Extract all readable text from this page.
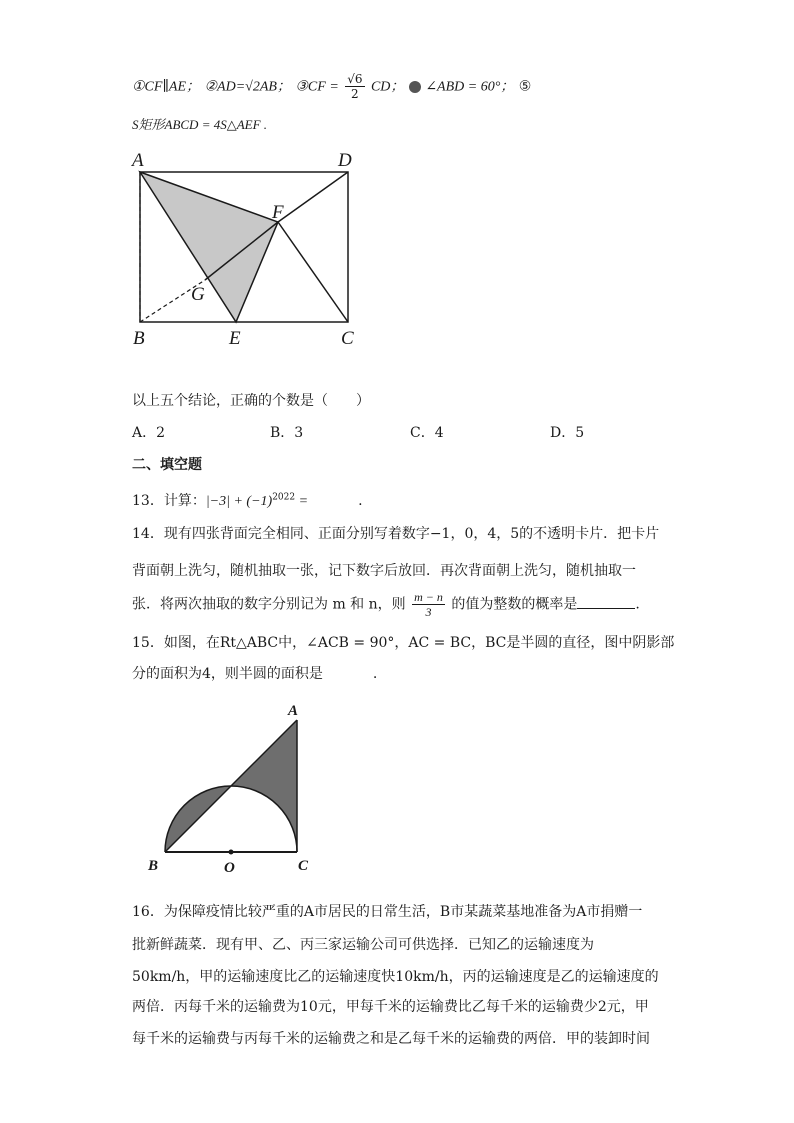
①CF∥AE； ②AD=√2AB； ③CF = $\frac{√6}{2}$ CD； ∠ABD = 60°； ⑤
S矩形ABCD = 4S△AEF .
A	D
F
G
B	E	C
以上五个结论，正确的个数是（　　）
A．2	B．3	C．4	D．5
二、填空题
13．计算：$|-3| + (-1)^{2022}$ =	.
14．现有四张背面完全相同、正面分别写着数字−1，0，4，5的不透明卡片．把卡片
背面朝上洗匀，随机抽取一张，记下数字后放回．再次背面朝上洗匀，随机抽取一
张．将两次抽取的数字分别记为 m 和 n，则 $\frac{m - n}{3}$ 的值为整数的概率是	.
15．如图，在Rt△ABC中，∠ACB = 90°，AC = BC，BC是半圆的直径，图中阴影部
分的面积为4，则半圆的面积是	.
A
B	O	C
16．为保障疫情比较严重的A市居民的日常生活，B市某蔬菜基地准备为A市捐赠一
批新鲜蔬菜．现有甲、乙、丙三家运输公司可供选择．已知乙的运输速度为
50km/h，甲的运输速度比乙的运输速度快10km/h，丙的运输速度是乙的运输速度的
两倍．丙每千米的运输费为10元，甲每千米的运输费比乙每千米的运输费少2元，甲
每千米的运输费与丙每千米的运输费之和是乙每千米的运输费的两倍．甲的装卸时间
